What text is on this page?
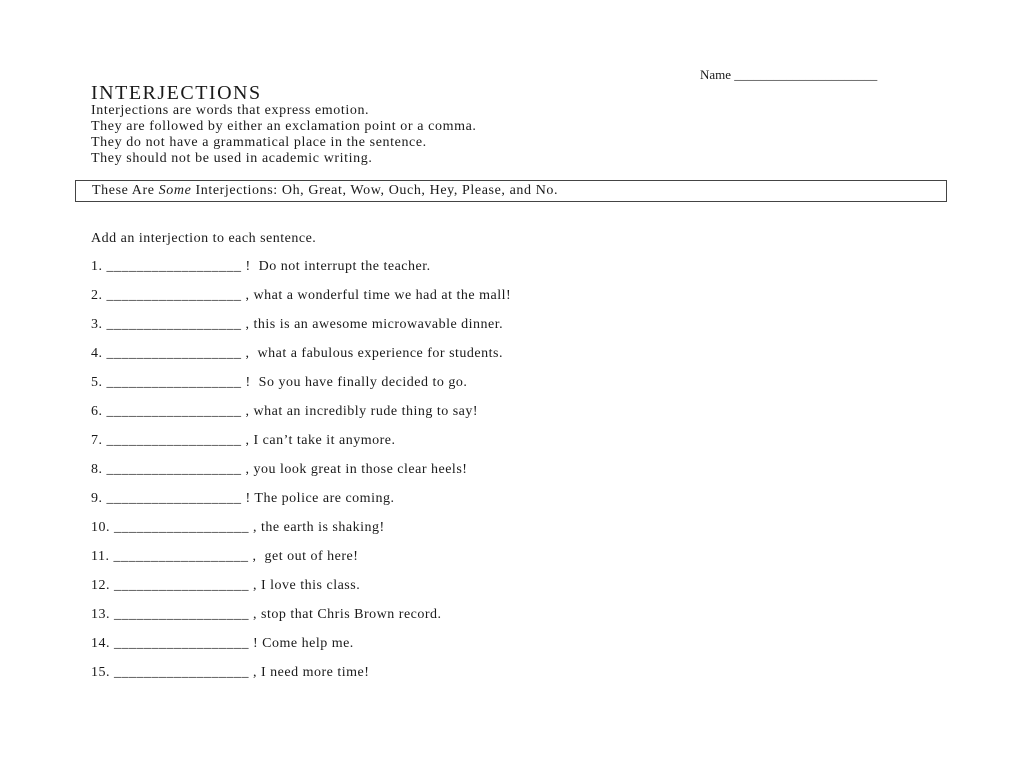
Name ______________________
INTERJECTIONS
Interjections are words that express emotion.
They are followed by either an exclamation point or a comma.
They do not have a grammatical place in the sentence.
They should not be used in academic writing.
These Are Some Interjections: Oh, Great, Wow, Ouch, Hey, Please, and No.
Add an interjection to each sentence.
1. __________________ !  Do not interrupt the teacher.
2. __________________ , what a wonderful time we had at the mall!
3. __________________ , this is an awesome microwavable dinner.
4. __________________ ,  what a fabulous experience for students.
5. __________________ !  So you have finally decided to go.
6. __________________ , what an incredibly rude thing to say!
7. __________________ , I can’t take it anymore.
8. __________________ , you look great in those clear heels!
9. __________________ ! The police are coming.
10. __________________ , the earth is shaking!
11. __________________ ,  get out of here!
12. __________________ , I love this class.
13. __________________ , stop that Chris Brown record.
14. __________________ ! Come help me.
15. __________________ , I need more time!
